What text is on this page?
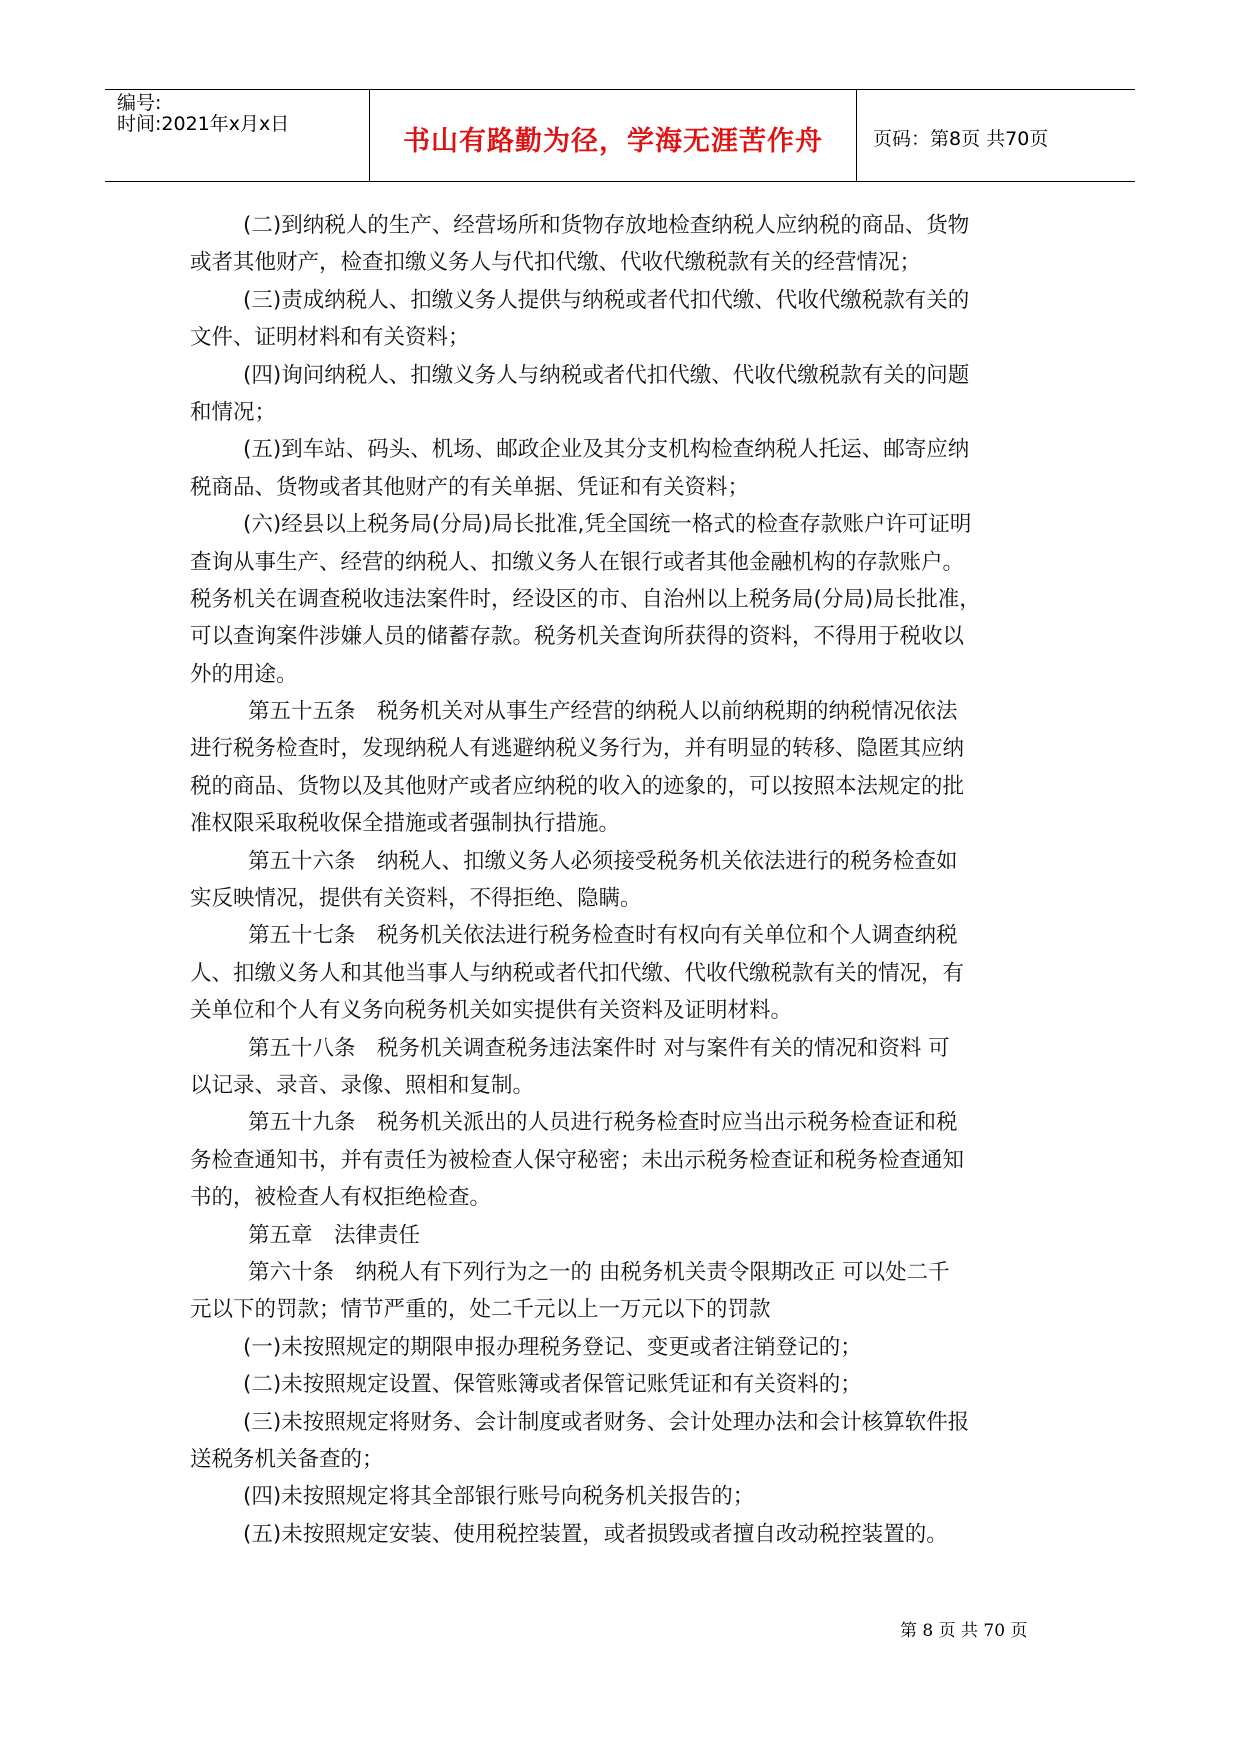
编号:
时间:2021年x月x日
书山有路勤为径，学海无涯苦作舟	页码：第8页 共70页
(二)到纳税人的生产、经营场所和货物存放地检查纳税人应纳税的商品、货物
或者其他财产，检查扣缴义务人与代扣代缴、代收代缴税款有关的经营情况；
(三)责成纳税人、扣缴义务人提供与纳税或者代扣代缴、代收代缴税款有关的
文件、证明材料和有关资料；
(四)询问纳税人、扣缴义务人与纳税或者代扣代缴、代收代缴税款有关的问题
和情况；
(五)到车站、码头、机场、邮政企业及其分支机构检查纳税人托运、邮寄应纳
税商品、货物或者其他财产的有关单据、凭证和有关资料；
(六)经县以上税务局(分局)局长批准,凭全国统一格式的检查存款账户许可证明
查询从事生产、经营的纳税人、扣缴义务人在银行或者其他金融机构的存款账户。
税务机关在调查税收违法案件时，经设区的市、自治州以上税务局(分局)局长批准，
可以查询案件涉嫌人员的储蓄存款。税务机关查询所获得的资料，不得用于税收以
外的用途。
第五十五条　税务机关对从事生产经营的纳税人以前纳税期的纳税情况依法
进行税务检查时，发现纳税人有逃避纳税义务行为，并有明显的转移、隐匿其应纳
税的商品、货物以及其他财产或者应纳税的收入的迹象的，可以按照本法规定的批
准权限采取税收保全措施或者强制执行措施。
第五十六条　纳税人、扣缴义务人必须接受税务机关依法进行的税务检查如
实反映情况，提供有关资料，不得拒绝、隐瞒。
第五十七条　税务机关依法进行税务检查时有权向有关单位和个人调查纳税
人、扣缴义务人和其他当事人与纳税或者代扣代缴、代收代缴税款有关的情况，有
关单位和个人有义务向税务机关如实提供有关资料及证明材料。
第五十八条　税务机关调查税务违法案件时 对与案件有关的情况和资料 可
以记录、录音、录像、照相和复制。
第五十九条　税务机关派出的人员进行税务检查时应当出示税务检查证和税
务检查通知书，并有责任为被检查人保守秘密；未出示税务检查证和税务检查通知
书的，被检查人有权拒绝检查。
第五章　法律责任
第六十条　纳税人有下列行为之一的 由税务机关责令限期改正 可以处二千
元以下的罚款；情节严重的，处二千元以上一万元以下的罚款
(一)未按照规定的期限申报办理税务登记、变更或者注销登记的；
(二)未按照规定设置、保管账簿或者保管记账凭证和有关资料的；
(三)未按照规定将财务、会计制度或者财务、会计处理办法和会计核算软件报
送税务机关备查的；
(四)未按照规定将其全部银行账号向税务机关报告的；
(五)未按照规定安装、使用税控装置，或者损毁或者擅自改动税控装置的。
第 8 页 共 70 页
